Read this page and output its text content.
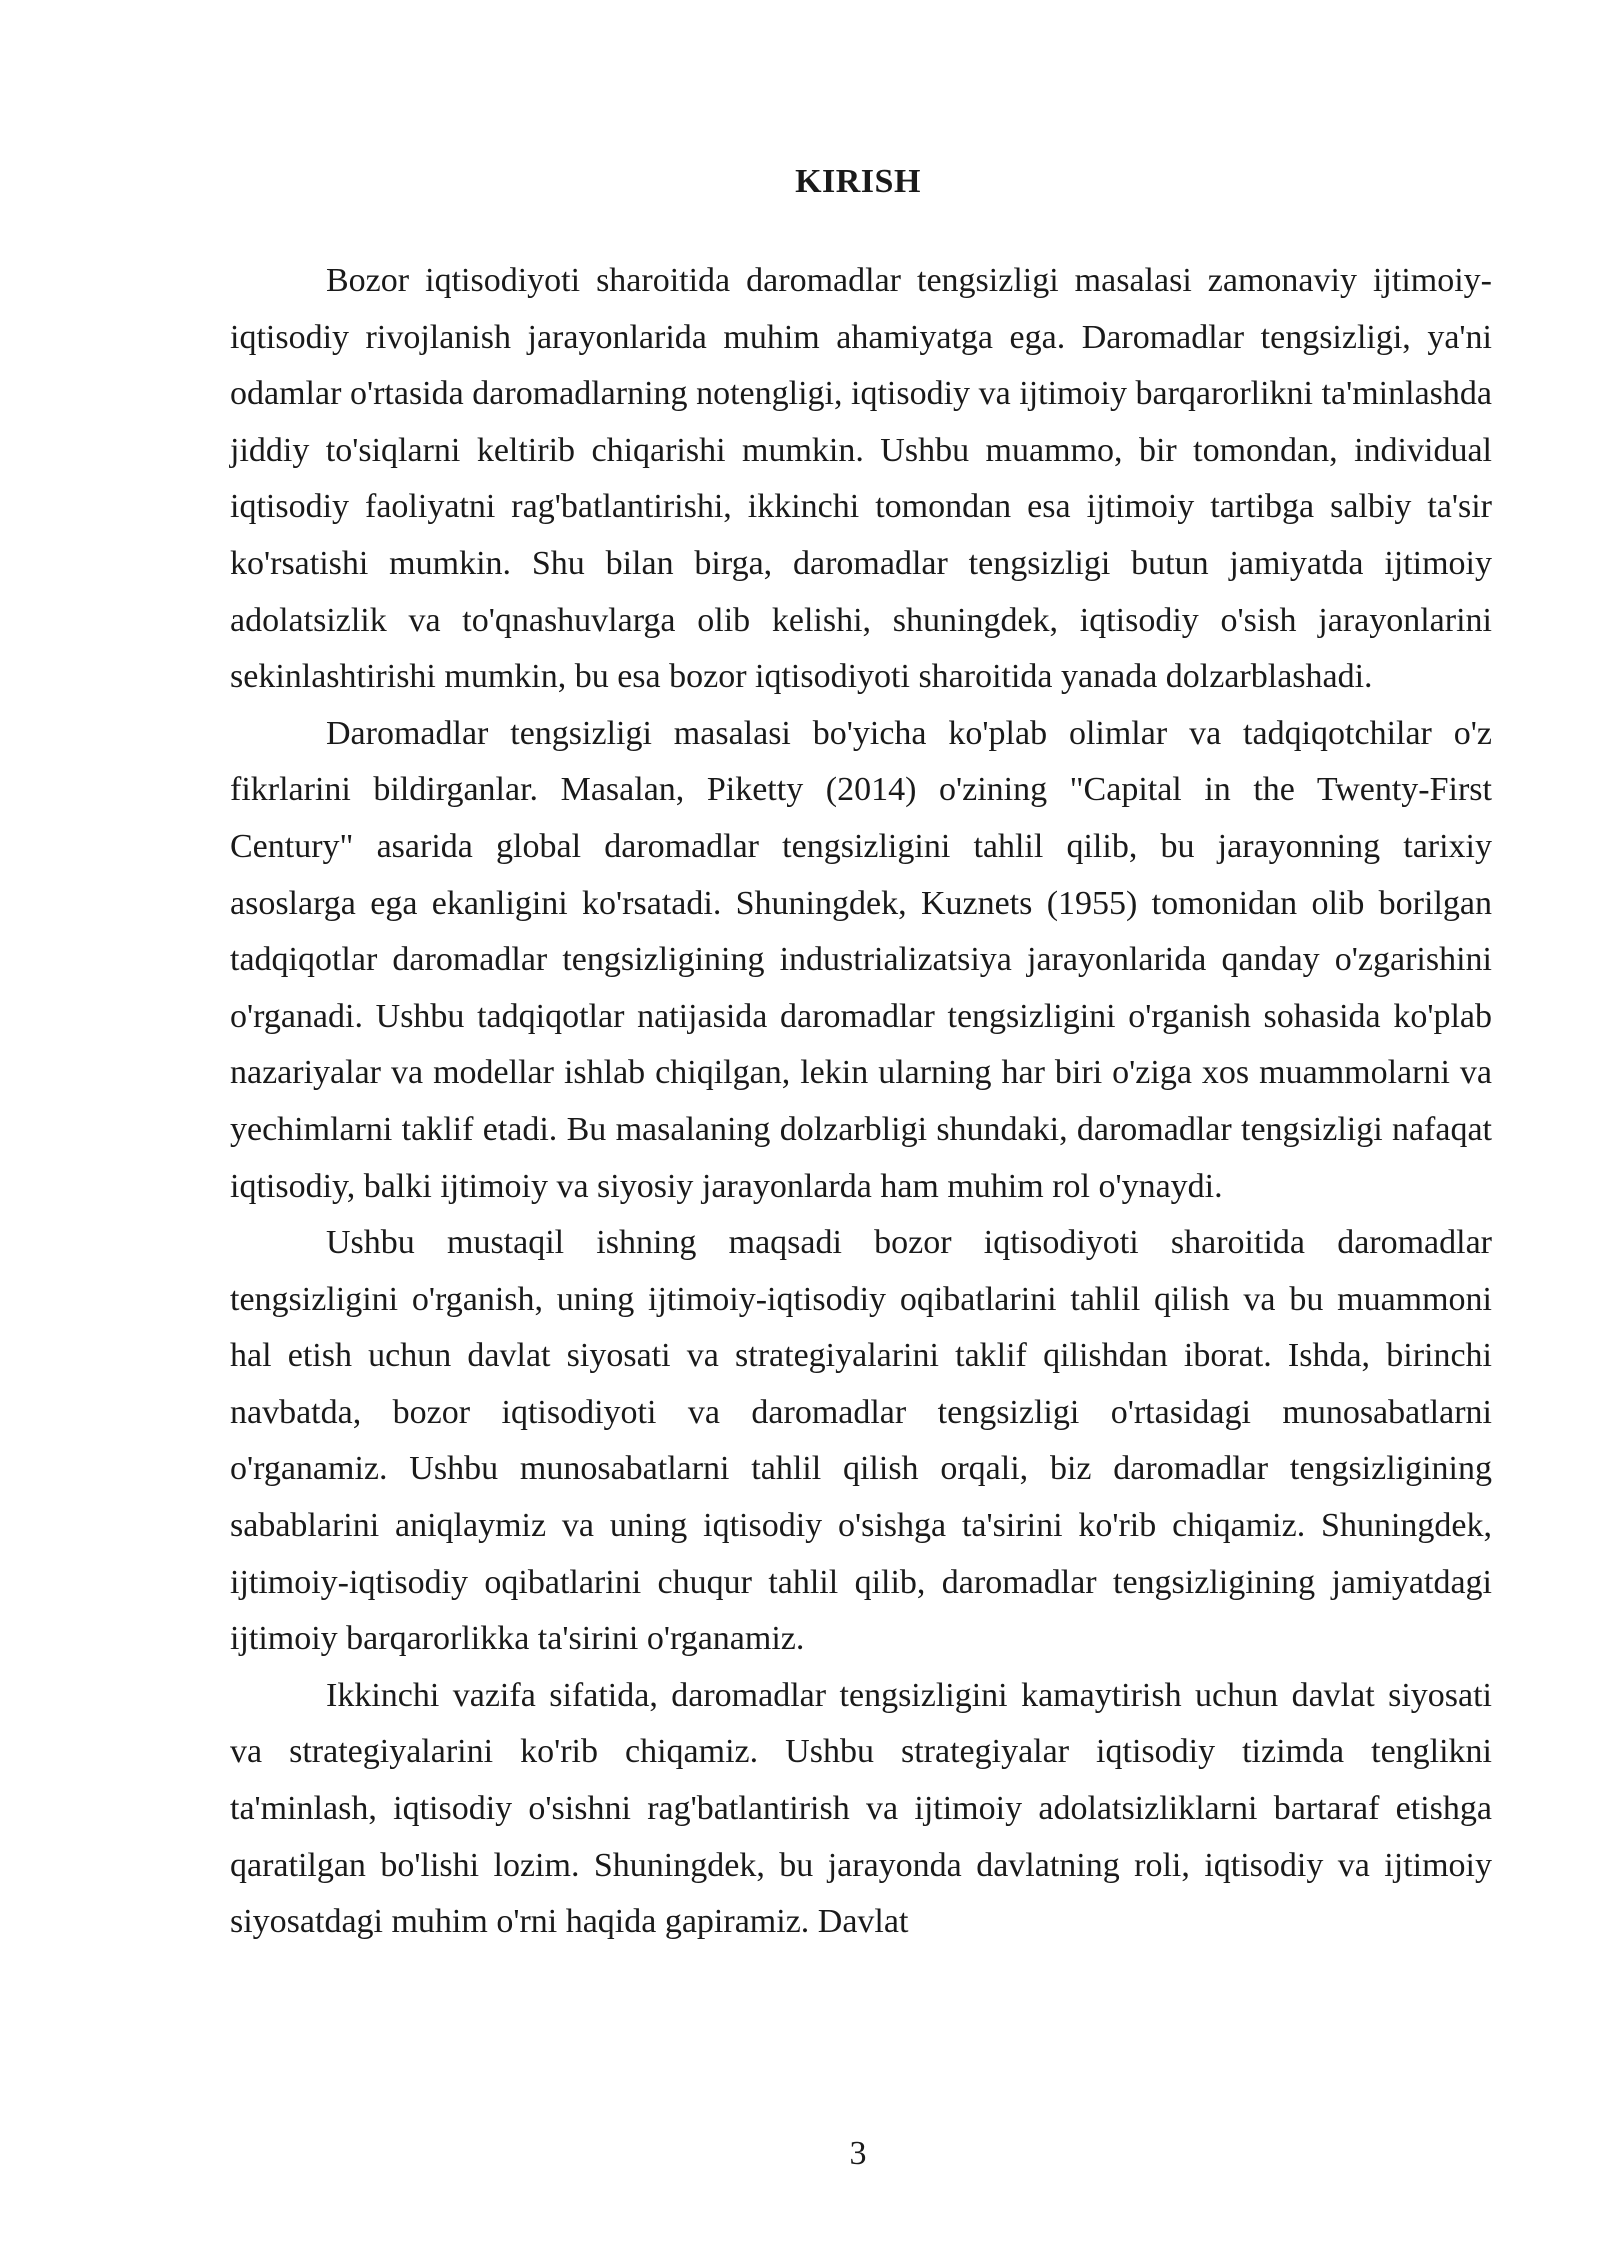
KIRISH

Bozor iqtisodiyoti sharoitida daromadlar tengsizligi masalasi zamonaviy ijtimoiy-iqtisodiy rivojlanish jarayonlarida muhim ahamiyatga ega. Daromadlar tengsizligi, ya'ni odamlar o'rtasida daromadlarning notengligi, iqtisodiy va ijtimoiy barqarorlikni ta'minlashda jiddiy to'siqlarni keltirib chiqarishi mumkin. Ushbu muammo, bir tomondan, individual iqtisodiy faoliyatni rag'batlantirishi, ikkinchi tomondan esa ijtimoiy tartibga salbiy ta'sir ko'rsatishi mumkin. Shu bilan birga, daromadlar tengsizligi butun jamiyatda ijtimoiy adolatsizlik va to'qnashuvlarga olib kelishi, shuningdek, iqtisodiy o'sish jarayonlarini sekinlashtirishi mumkin, bu esa bozor iqtisodiyoti sharoitida yanada dolzarblashadi.

Daromadlar tengsizligi masalasi bo'yicha ko'plab olimlar va tadqiqotchilar o'z fikrlarini bildirganlar. Masalan, Piketty (2014) o'zining "Capital in the Twenty-First Century" asarida global daromadlar tengsizligini tahlil qilib, bu jarayonning tarixiy asoslarga ega ekanligini ko'rsatadi. Shuningdek, Kuznets (1955) tomonidan olib borilgan tadqiqotlar daromadlar tengsizligining industrializatsiya jarayonlarida qanday o'zgarishini o'rganadi. Ushbu tadqiqotlar natijasida daromadlar tengsizligini o'rganish sohasida ko'plab nazariyalar va modellar ishlab chiqilgan, lekin ularning har biri o'ziga xos muammolarni va yechimlarni taklif etadi. Bu masalaning dolzarbligi shundaki, daromadlar tengsizligi nafaqat iqtisodiy, balki ijtimoiy va siyosiy jarayonlarda ham muhim rol o'ynaydi.

Ushbu mustaqil ishning maqsadi bozor iqtisodiyoti sharoitida daromadlar tengsizligini o'rganish, uning ijtimoiy-iqtisodiy oqibatlarini tahlil qilish va bu muammoni hal etish uchun davlat siyosati va strategiyalarini taklif qilishdan iborat. Ishda, birinchi navbatda, bozor iqtisodiyoti va daromadlar tengsizligi o'rtasidagi munosabatlarni o'rganamiz. Ushbu munosabatlarni tahlil qilish orqali, biz daromadlar tengsizligining sabablarini aniqlaymiz va uning iqtisodiy o'sishga ta'sirini ko'rib chiqamiz. Shuningdek, ijtimoiy-iqtisodiy oqibatlarini chuqur tahlil qilib, daromadlar tengsizligining jamiyatdagi ijtimoiy barqarorlikka ta'sirini o'rganamiz.

Ikkinchi vazifa sifatida, daromadlar tengsizligini kamaytirish uchun davlat siyosati va strategiyalarini ko'rib chiqamiz. Ushbu strategiyalar iqtisodiy tizimda tenglikni ta'minlash, iqtisodiy o'sishni rag'batlantirish va ijtimoiy adolatsizliklarni bartaraf etishga qaratilgan bo'lishi lozim. Shuningdek, bu jarayonda davlatning roli, iqtisodiy va ijtimoiy siyosatdagi muhim o'rni haqida gapiramiz. Davlat

3
